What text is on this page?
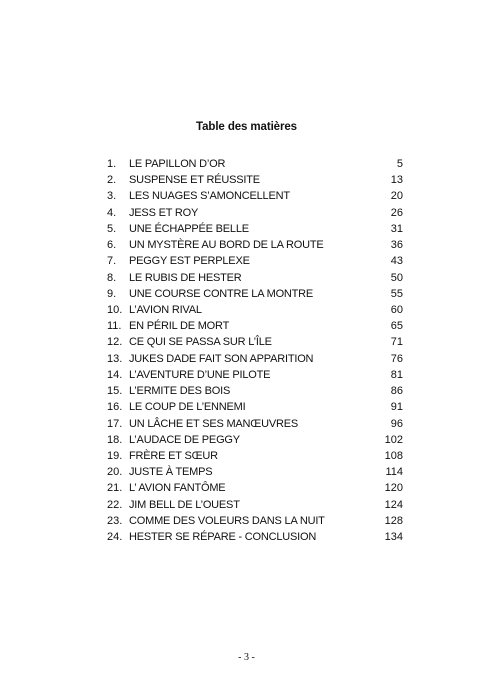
Table des matières
1. LE PAPILLON D’OR	5
2. SUSPENSE ET RÉUSSITE	13
3. LES NUAGES S’AMONCELLENT	20
4. JESS ET ROY	26
5. UNE ÉCHAPPÉE BELLE	31
6. UN MYSTÈRE AU BORD DE LA ROUTE	36
7. PEGGY EST PERPLEXE	43
8. LE RUBIS DE HESTER	50
9. UNE COURSE CONTRE LA MONTRE	55
10. L’AVION RIVAL	60
11. EN PÉRIL DE MORT	65
12. CE QUI SE PASSA SUR L’ÎLE	71
13. JUKES DADE FAIT SON APPARITION	76
14. L’AVENTURE D’UNE PILOTE	81
15. L’ERMITE DES BOIS	86
16. LE COUP DE L’ENNEMI	91
17. UN LÂCHE ET SES MANŒUVRES	96
18. L’AUDACE DE PEGGY	102
19. FRÈRE ET SŒUR	108
20. JUSTE À TEMPS	114
21. L’ AVION FANTÔME	120
22. JIM BELL DE L’OUEST	124
23. COMME DES VOLEURS DANS LA NUIT	128
24. HESTER SE RÉPARE - CONCLUSION	134
- 3 -
